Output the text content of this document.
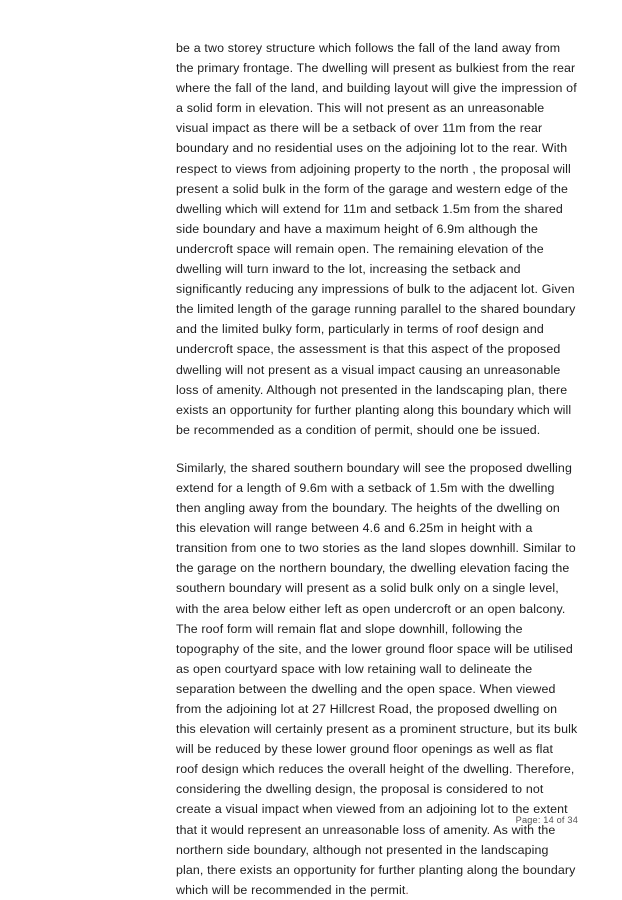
be a two storey structure which follows the fall of the land away from the primary frontage. The dwelling will present as bulkiest from the rear where the fall of the land, and building layout will give the impression of a solid form in elevation. This will not present as an unreasonable visual impact as there will be a setback of over 11m from the rear boundary and no residential uses on the adjoining lot to the rear. With respect to views from adjoining property to the north , the proposal will present a solid bulk in the form of the garage and western edge of the dwelling which will extend for 11m and setback 1.5m from the shared side boundary and have a maximum height of 6.9m although the undercroft space will remain open. The remaining elevation of the dwelling will turn inward to the lot, increasing the setback and significantly reducing any impressions of bulk to the adjacent lot. Given the limited length of the garage running parallel to the shared boundary and the limited bulky form, particularly in terms of roof design and undercroft space, the assessment is that this aspect of the proposed dwelling will not present as a visual impact causing an unreasonable loss of amenity. Although not presented in the landscaping plan, there exists an opportunity for further planting along this boundary which will be recommended as a condition of permit, should one be issued.

Similarly, the shared southern boundary will see the proposed dwelling extend for a length of 9.6m with a setback of 1.5m with the dwelling then angling away from the boundary. The heights of the dwelling on this elevation will range between 4.6 and 6.25m in height with a transition from one to two stories as the land slopes downhill. Similar to the garage on the northern boundary, the dwelling elevation facing the southern boundary will present as a solid bulk only on a single level, with the area below either left as open undercroft or an open balcony. The roof form will remain flat and slope downhill, following the topography of the site, and the lower ground floor space will be utilised as open courtyard space with low retaining wall to delineate the separation between the dwelling and the open space. When viewed from the adjoining lot at 27 Hillcrest Road, the proposed dwelling on this elevation will certainly present as a prominent structure, but its bulk will be reduced by these lower ground floor openings as well as flat roof design which reduces the overall height of the dwelling. Therefore, considering the dwelling design, the proposal is considered to not create a visual impact when viewed from an adjoining lot to the extent that it would represent an unreasonable loss of amenity. As with the northern side boundary, although not presented in the landscaping plan, there exists an opportunity for further planting along the boundary which will be recommended in the permit.

Page: 14 of 34
